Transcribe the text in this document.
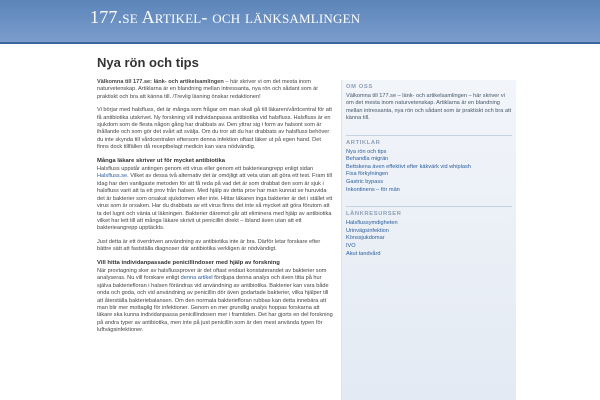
177.se Artikel- och länksamlingen
Nya rön och tips

Välkomna till 177.se: länk- och artikelsamlingen – här skriver vi om det mesta inom naturvetenskap. Artiklarna är en blandning mellan intressanta, nya rön och sådant som är praktiskt och bra att känna till. /Trevlig läsning önskar redaktionen!

Vi börjar med halsfluss, det är många som frågar om man skall gå till läkaren/vårdcentral för att få antibiotika utskrivet. Ny forskning vill individanpassa antibiotika vid halsfluss. Halsfluss är en sjukdom som de flesta någon gång har drabbats av. Den yttrar sig i form av halsont som är ihållande och som gör det svårt att svälja. Om du tror att du har drabbats av halsfluss behöver du inte skynda till vårdcentralen eftersom denna infektion oftast läker ut på egen hand. Det finns dock tillfällen då receptbelagt medicin kan vara nödvändig.

Många läkare skriver ut för mycket antibiotika

Halsfluss uppstår antingen genom ett virus eller genom ett bakterieangrepp enligt sidan Halsfluss.se. Vilket av dessa två alternativ det är omöjligt att veta utan att göra ett test. Fram till idag har den vanligaste metoden för att få reda på vad det är som drabbat den som är sjuk i halsfluss varit att ta ett prov från halsen. Med hjälp av detta prov har man kunnat se huruvida det är bakterier som orsakat sjukdomen eller inte. Hittar läkaren inga bakterier är det i stället ett virus som är orsaken. Har du drabbats av ett virus finns det inte så mycket att göra förutom att ta det lugnt och vänta ut läkningen. Bakterier däremot går att eliminera med hjälp av antibiotika vilket har lett till att många läkare skrivit ut penicillin direkt – ibland även utan att ett bakterieangrepp upptäckts.

Just detta är ett överdriven användning av antibiotika inte är bra. Därför letar forskare efter bättre sätt att fastställa diagnoser där antibiotika verkligen är nödvändigt.

Vill hitta individanpassade penicillindoser med hjälp av forskning

När provtagning sker av halsflussprover är det oftast endast konstaterandet av bakterier som analyseras. Nu vill forskare enligt denna artikel fördjupa denna analys och även titta på hur själva bakteriefloran i halsen förändras vid användning av antibiotika. Bakterier kan vara både onda och goda, och vid användning av penicillin dör även godartade bakterier, vilka hjälper till att återställa bakteriebalansen. Om den normala bakteriefloran rubbas kan detta innebära att man blir mer mottaglig för infektioner. Genom en mer grundlig analys hoppas forskarna att läkare ska kunna individanpassa penicillindosen mer i framtiden. Det har gjorts en del forskning på andra typer av antibiotika, men inte på just penicillin som är den mest använda typen för luftvägsinfektioner.

OM OSS
Välkomna till 177.se – länk- och artikelsamlingen – här skriver vi om det mesta inom naturvetenskap. Artiklarna är en blandning mellan intressanta, nya rön och sådant som är praktiskt och bra att känna till.
ARTIKLAR
Nya rön och tips
Behandla migrän
Bettskena även effektivt efter käkvärk vid whiplash
Fixa förkylningen
Gastric bypass
Inkontinens – för män
LÄNKRESURSER
Halsflussymdigheten
Urinvägsinfektion
Könssjukdomar
IVO
Akut tandvård
